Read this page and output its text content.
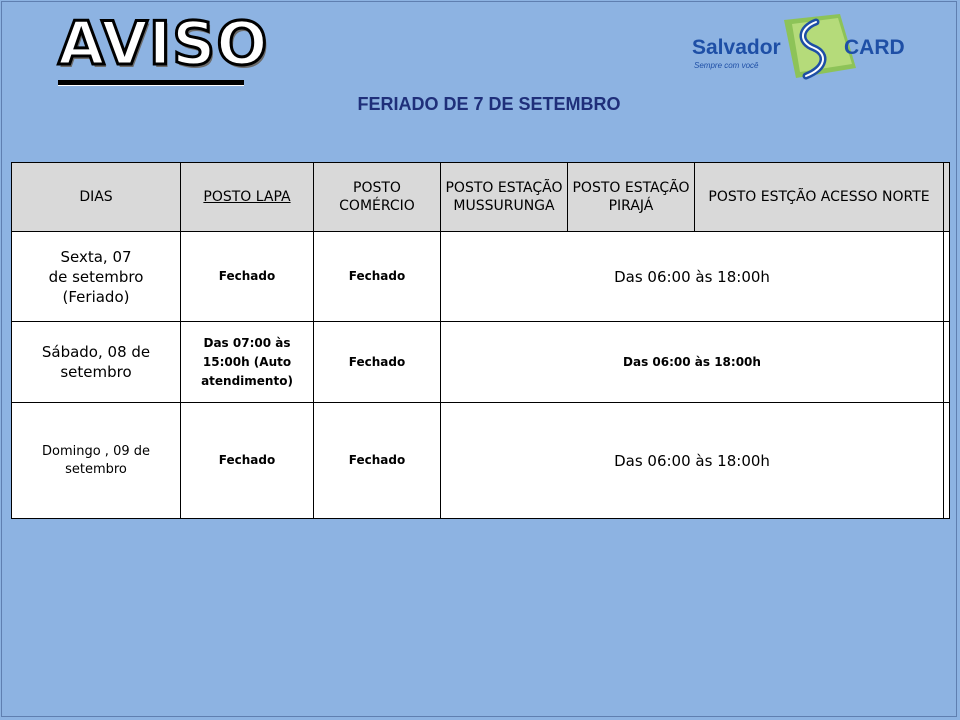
AVISO	Salvador	CARD
Sempre com você
FERIADO DE 7 DE SETEMBRO
DIAS	POSTO LAPA	POSTO COMÉRCIO	POSTO ESTAÇÃO MUSSURUNGA	POSTO ESTAÇÃO PIRAJÁ	POSTO ESTÇÃO ACESSO NORTE	

Sexta, 07
de setembro
(Feriado)	Fechado	Fechado	Das 06:00 às 18:00h			

Sábado, 08 de
setembro	Das 07:00 às 15:00h (Auto atendimento)	Fechado	Das 06:00 às 18:00h			

Domingo , 09 de
setembro	Fechado	Fechado	Das 06:00 às 18:00h			
